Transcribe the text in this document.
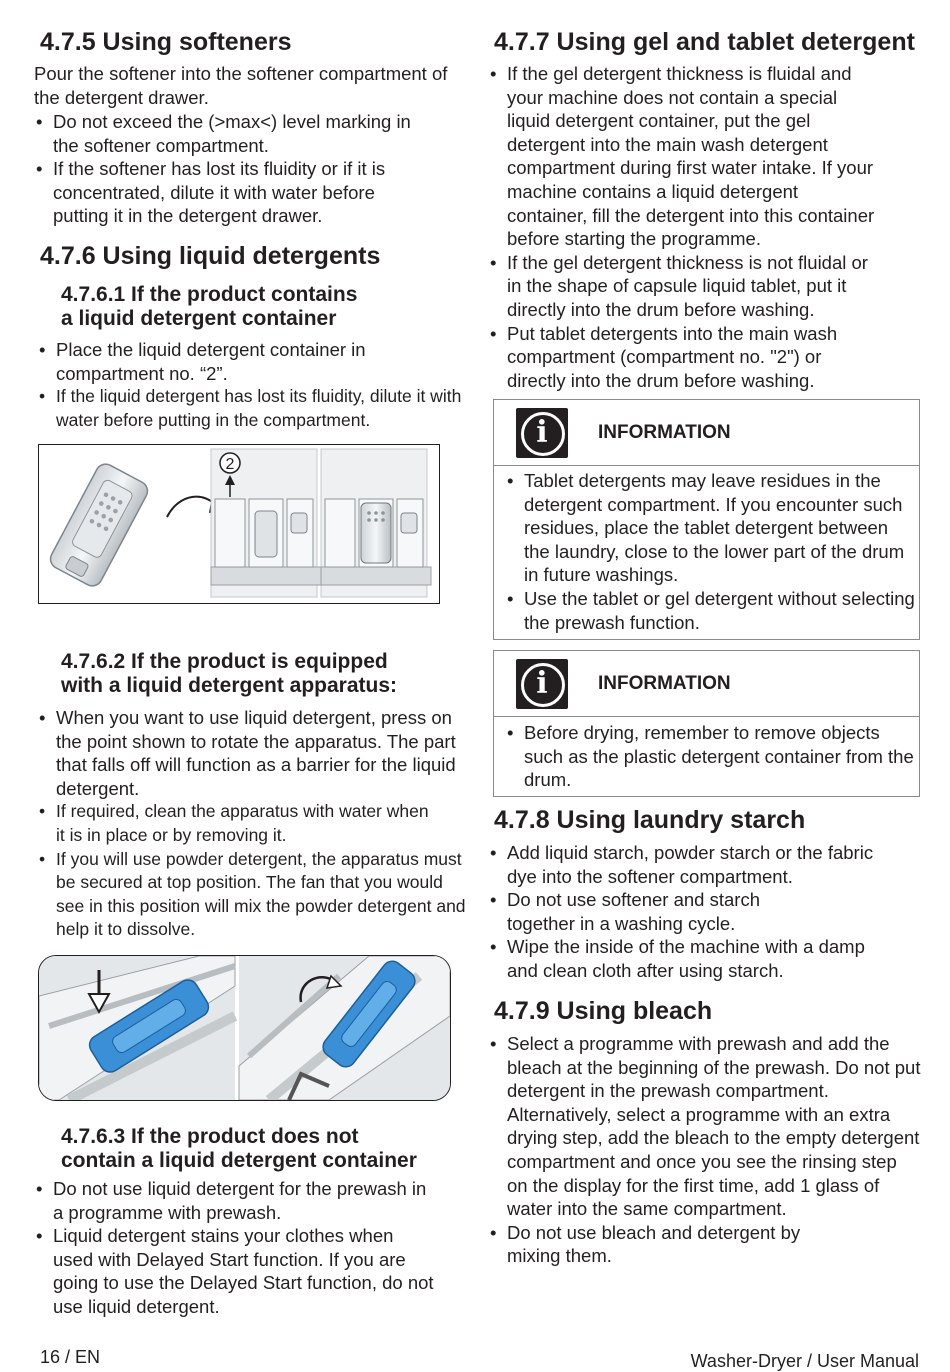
4.7.5 Using softeners

Pour the softener into the softener compartment of the detergent drawer.

• Do not exceed the (>max<) level marking in the softener compartment.
• If the softener has lost its fluidity or if it is concentrated, dilute it with water before putting it in the detergent drawer.
4.7.6 Using liquid detergents
4.7.6.1 If the product contains
a liquid detergent container
• Place the liquid detergent container in compartment no. “2”.
• If the liquid detergent has lost its fluidity, dilute it with water before putting in the compartment.
2
4.7.6.2 If the product is equipped
with a liquid detergent apparatus:
• When you want to use liquid detergent, press on the point shown to rotate the apparatus. The part that falls off will function as a barrier for the liquid detergent.
• If required, clean the apparatus with water when it is in place or by removing it.
• If you will use powder detergent, the apparatus must be secured at top position. The fan that you would see in this position will mix the powder detergent and help it to dissolve.
4.7.6.3 If the product does not
contain a liquid detergent container
• Do not use liquid detergent for the prewash in a programme with prewash.
• Liquid detergent stains your clothes when used with Delayed Start function. If you are going to use the Delayed Start function, do not use liquid detergent.
4.7.7 Using gel and tablet detergent
• If the gel detergent thickness is fluidal and your machine does not contain a special liquid detergent container, put the gel detergent into the main wash detergent compartment during first water intake. If your machine contains a liquid detergent container, fill the detergent into this container before starting the programme.
• If the gel detergent thickness is not fluidal or in the shape of capsule liquid tablet, put it directly into the drum before washing.
• Put tablet detergents into the main wash compartment (compartment no. "2") or directly into the drum before washing.
i	INFORMATION
• Tablet detergents may leave residues in the detergent compartment. If you encounter such residues, place the tablet detergent between the laundry, close to the lower part of the drum in future washings.
• Use the tablet or gel detergent without selecting the prewash function.
i	INFORMATION
• Before drying, remember to remove objects such as the plastic detergent container from the drum.
4.7.8 Using laundry starch
• Add liquid starch, powder starch or the fabric dye into the softener compartment.
• Do not use softener and starch together in a washing cycle.
• Wipe the inside of the machine with a damp and clean cloth after using starch.
4.7.9 Using bleach
• Select a programme with prewash and add the bleach at the beginning of the prewash. Do not put detergent in the prewash compartment. Alternatively, select a programme with an extra drying step, add the bleach to the empty detergent compartment and once you see the rinsing step on the display for the first time, add 1 glass of water into the same compartment.
• Do not use bleach and detergent by mixing them.
16 / EN	Washer-Dryer / User Manual
